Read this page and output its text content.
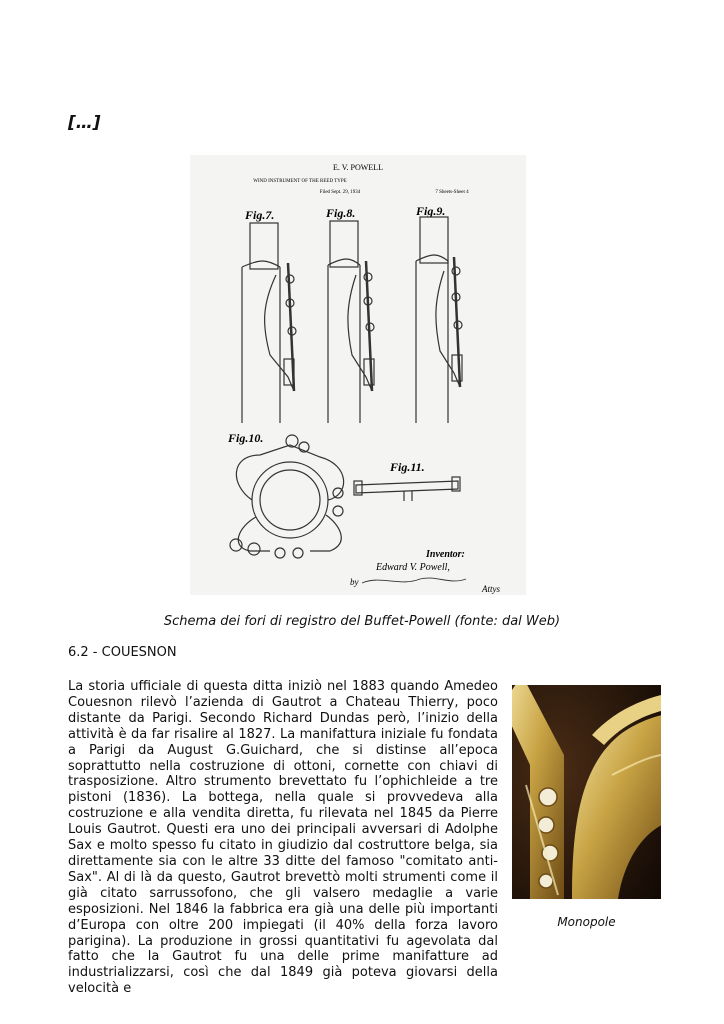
[…]
E. V. POWELL
WIND INSTRUMENT OF THE REED TYPE
Filed Sept. 29, 1934	7 Sheets-Sheet 4
Fig.7.	Fig.8.	Fig.9.
Fig.10.
Fig.11.
Inventor:
Edward V. Powell,
by
Attys
Schema dei fori di registro del Buffet-Powell (fonte: dal Web)
6.2 - COUESNON
La storia ufficiale di questa ditta iniziò nel 1883 quando Amedeo Couesnon rilevò l’azienda di Gautrot a Chateau Thierry, poco distante da Parigi. Secondo Richard Dundas però, l’inizio della attività è da far risalire al 1827. La manifattura iniziale fu fondata a Parigi da August G.Guichard, che si distinse all’epoca soprattutto nella costruzione di ottoni, cornette con chiavi di trasposizione. Altro strumento brevettato fu l’ophichleide a tre pistoni (1836). La bottega, nella quale si provvedeva alla costruzione e alla vendita diretta, fu rilevata nel 1845 da Pierre Louis Gautrot. Questi era uno dei principali avversari di Adolphe Sax e molto spesso fu citato in giudizio dal costruttore belga, sia direttamente sia con le altre 33 ditte del famoso "comitato anti-Sax". Al di là da questo, Gautrot brevettò molti strumenti come il già citato sarrussofono, che gli valsero medaglie a varie esposizioni. Nel 1846 la fabbrica era già una delle più importanti d’Europa con oltre 200 impiegati (il 40% della forza lavoro parigina). La produzione in grossi quantitativi fu agevolata dal fatto che la Gautrot fu una delle prime manifatture ad industrializzarsi, così che dal 1849 già poteva giovarsi della velocità e
Monopole
